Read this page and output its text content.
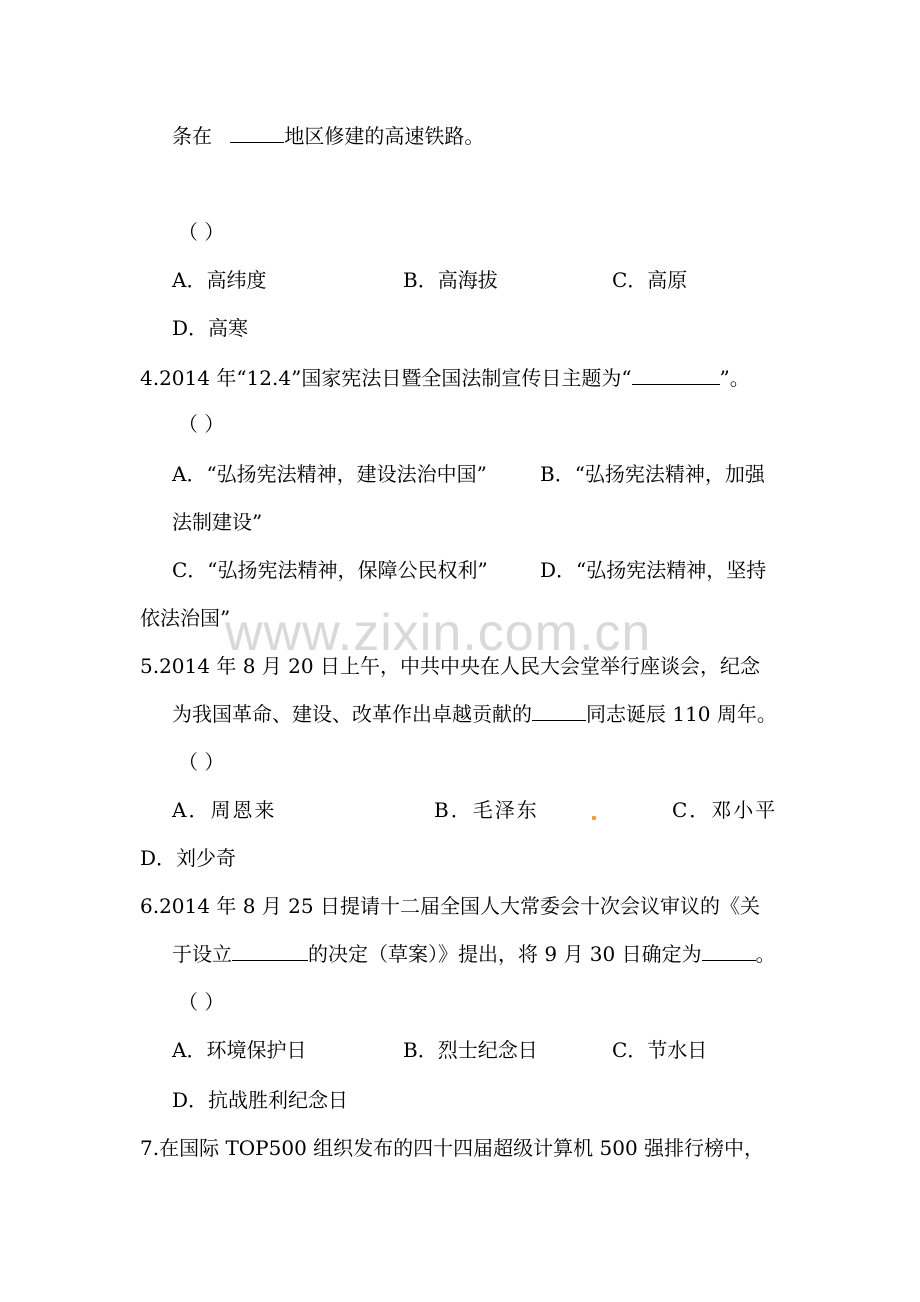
条在	地区修建的高速铁路。
（ ）
A．高纬度	B．高海拔	C．高原
D．高寒
4.2014 年“12.4”国家宪法日暨全国法制宣传日主题为“	”。
（ ）
A．“弘扬宪法精神，建设法治中国”	B．“弘扬宪法精神，加强
法制建设”
C．“弘扬宪法精神，保障公民权利”	D．“弘扬宪法精神，坚持
依法治国”
www.zixin.com.cn
5.2014 年 8 月 20 日上午，中共中央在人民大会堂举行座谈会，纪念
为我国革命、建设、改革作出卓越贡献的	同志诞辰 110 周年。
（ ）
A．周恩来	B．毛泽东	C．邓小平
D．刘少奇
6.2014 年 8 月 25 日提请十二届全国人大常委会十次会议审议的《关
于设立	的决定（草案）》提出，将 9 月 30 日确定为	。
（ ）
A．环境保护日	B．烈士纪念日	C．节水日
D．抗战胜利纪念日
7.在国际 TOP500 组织发布的四十四届超级计算机 500 强排行榜中，
